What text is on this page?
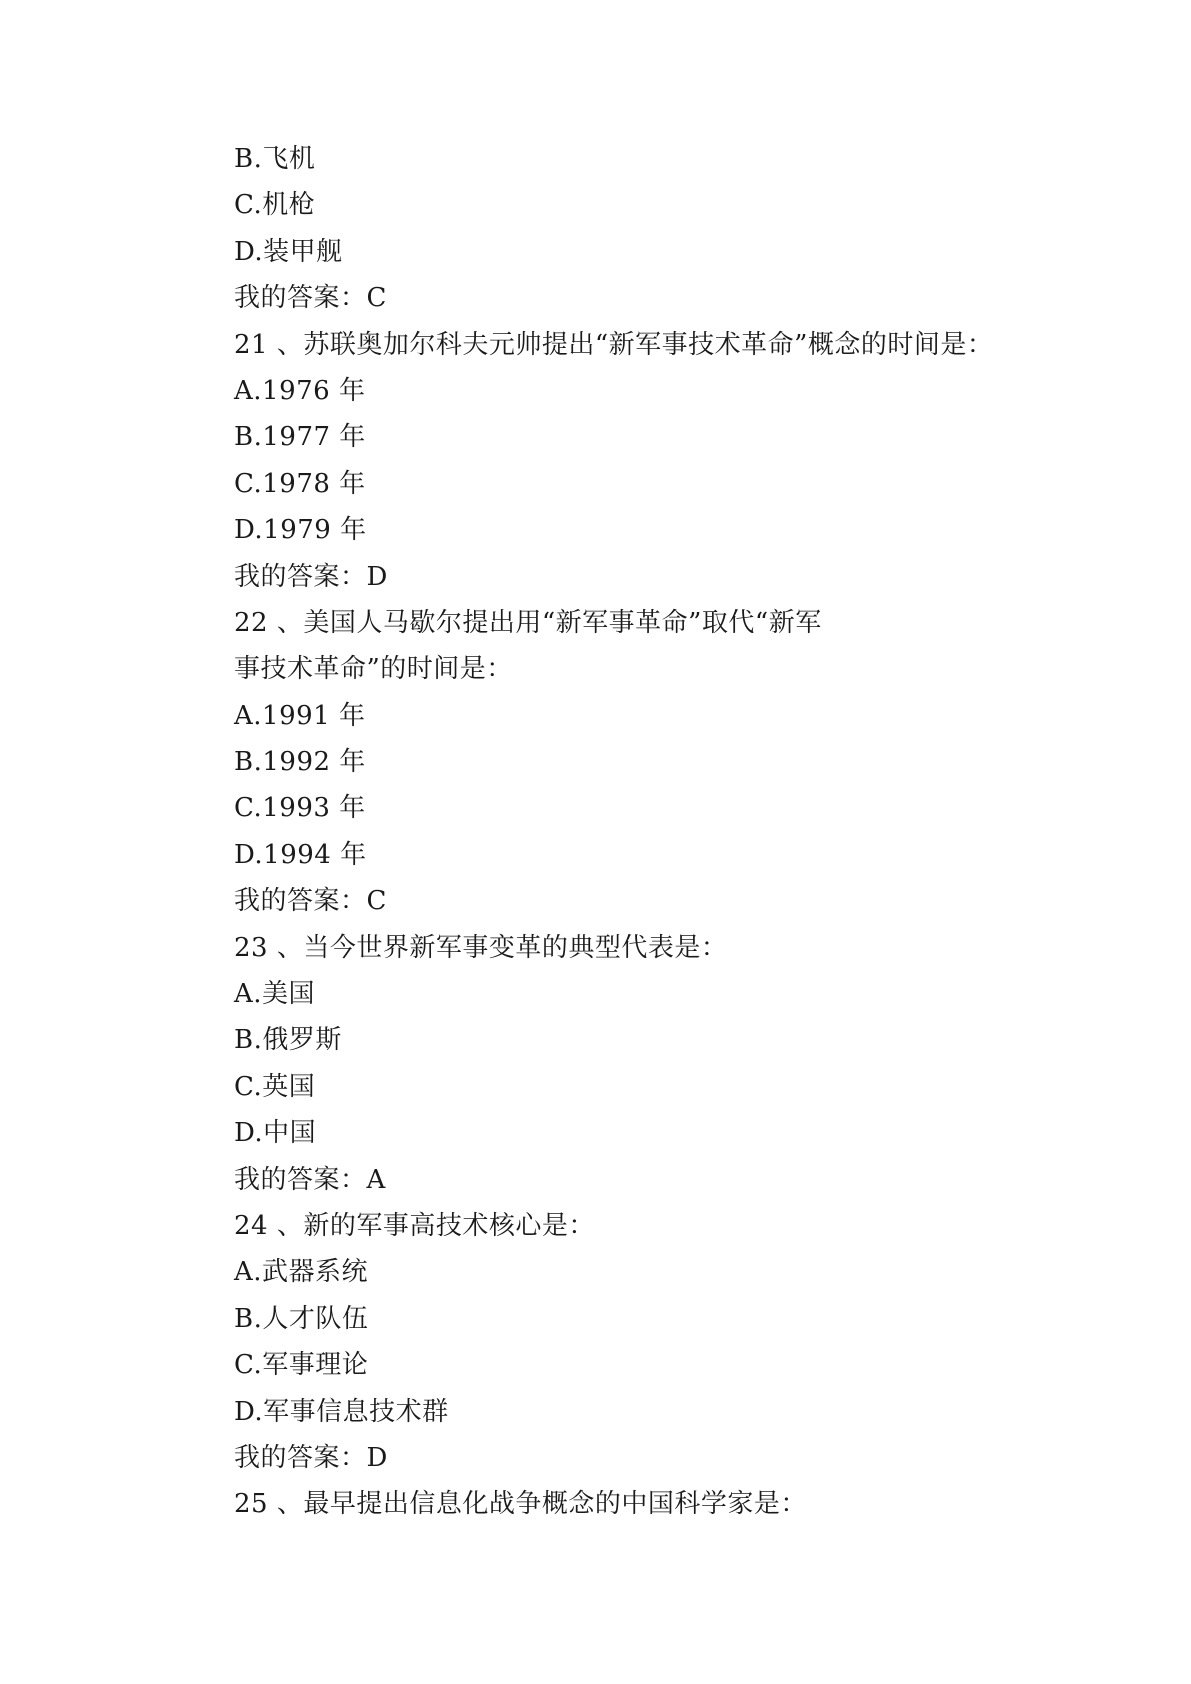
B.飞机
C.机枪
D.装甲舰
我的答案：C
21 、苏联奥加尔科夫元帅提出“新军事技术革命”概念的时间是：
A.1976 年
B.1977 年
C.1978 年
D.1979 年
我的答案：D
22 、美国人马歇尔提出用“新军事革命”取代“新军
事技术革命”的时间是：
A.1991 年
B.1992 年
C.1993 年
D.1994 年
我的答案：C
23 、当今世界新军事变革的典型代表是：
A.美国
B.俄罗斯
C.英国
D.中国
我的答案：A
24 、新的军事高技术核心是：
A.武器系统
B.人才队伍
C.军事理论
D.军事信息技术群
我的答案：D
25 、最早提出信息化战争概念的中国科学家是：
